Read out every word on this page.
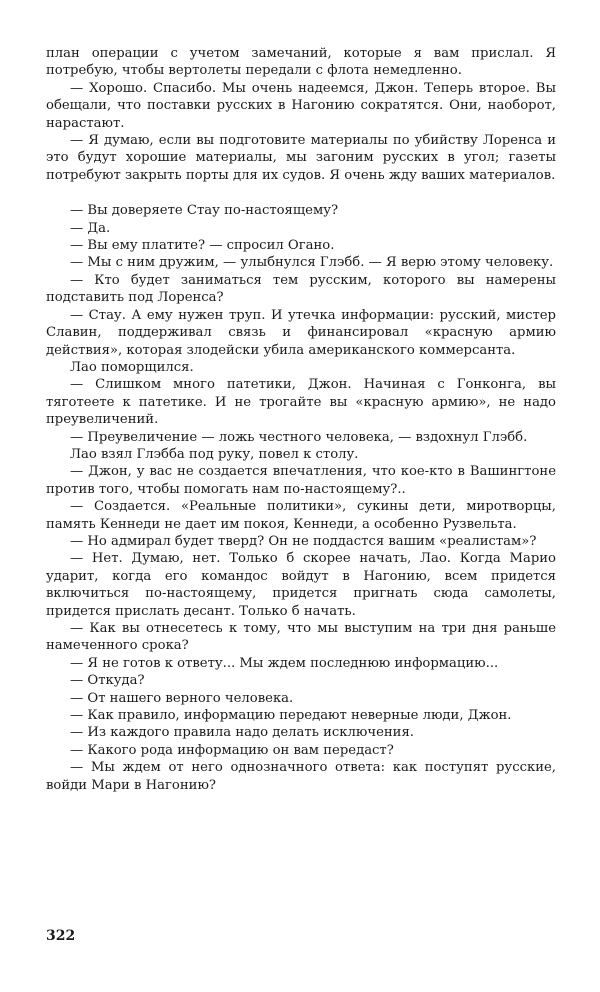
план операции с учетом замечаний, которые я вам прислал. Я потребую, чтобы вертолеты передали с флота немедленно.

— Хорошо. Спасибо. Мы очень надеемся, Джон. Теперь второе. Вы обещали, что поставки русских в Нагонию сократятся. Они, наоборот, нарастают.

— Я думаю, если вы подготовите материалы по убийству Лоренса и это будут хорошие материалы, мы загоним русских в угол; газеты потребуют закрыть порты для их судов. Я очень жду ваших материалов.

— Вы доверяете Стау по-настоящему?

— Да.

— Вы ему платите? — спросил Огано.

— Мы с ним дружим, — улыбнулся Глэбб. — Я верю этому человеку.

— Кто будет заниматься тем русским, которого вы намерены подставить под Лоренса?

— Стау. А ему нужен труп. И утечка информации: русский, мистер Славин, поддерживал связь и финансировал «красную армию действия», которая злодейски убила американского коммерсанта.

Лао поморщился.

— Слишком много патетики, Джон. Начиная с Гонконга, вы тяготеете к патетике. И не трогайте вы «красную армию», не надо преувеличений.

— Преувеличение — ложь честного человека, — вздохнул Глэбб.

Лао взял Глэбба под руку, повел к столу.

— Джон, у вас не создается впечатления, что кое-кто в Вашингтоне против того, чтобы помогать нам по-настоящему?..

— Создается. «Реальные политики», сукины дети, миротворцы, память Кеннеди не дает им покоя, Кеннеди, а особенно Рузвельта.

— Но адмирал будет тверд? Он не поддастся вашим «реалистам»?

— Нет. Думаю, нет. Только б скорее начать, Лао. Когда Марио ударит, когда его командос войдут в Нагонию, всем придется включиться по-настоящему, придется пригнать сюда самолеты, придется прислать десант. Только б начать.

— Как вы отнесетесь к тому, что мы выступим на три дня раньше намеченного срока?

— Я не готов к ответу... Мы ждем последнюю информацию...

— Откуда?

— От нашего верного человека.

— Как правило, информацию передают неверные люди, Джон.

— Из каждого правила надо делать исключения.

— Какого рода информацию он вам передаст?

— Мы ждем от него однозначного ответа: как поступят русские, войди Мари в Нагонию?

322
